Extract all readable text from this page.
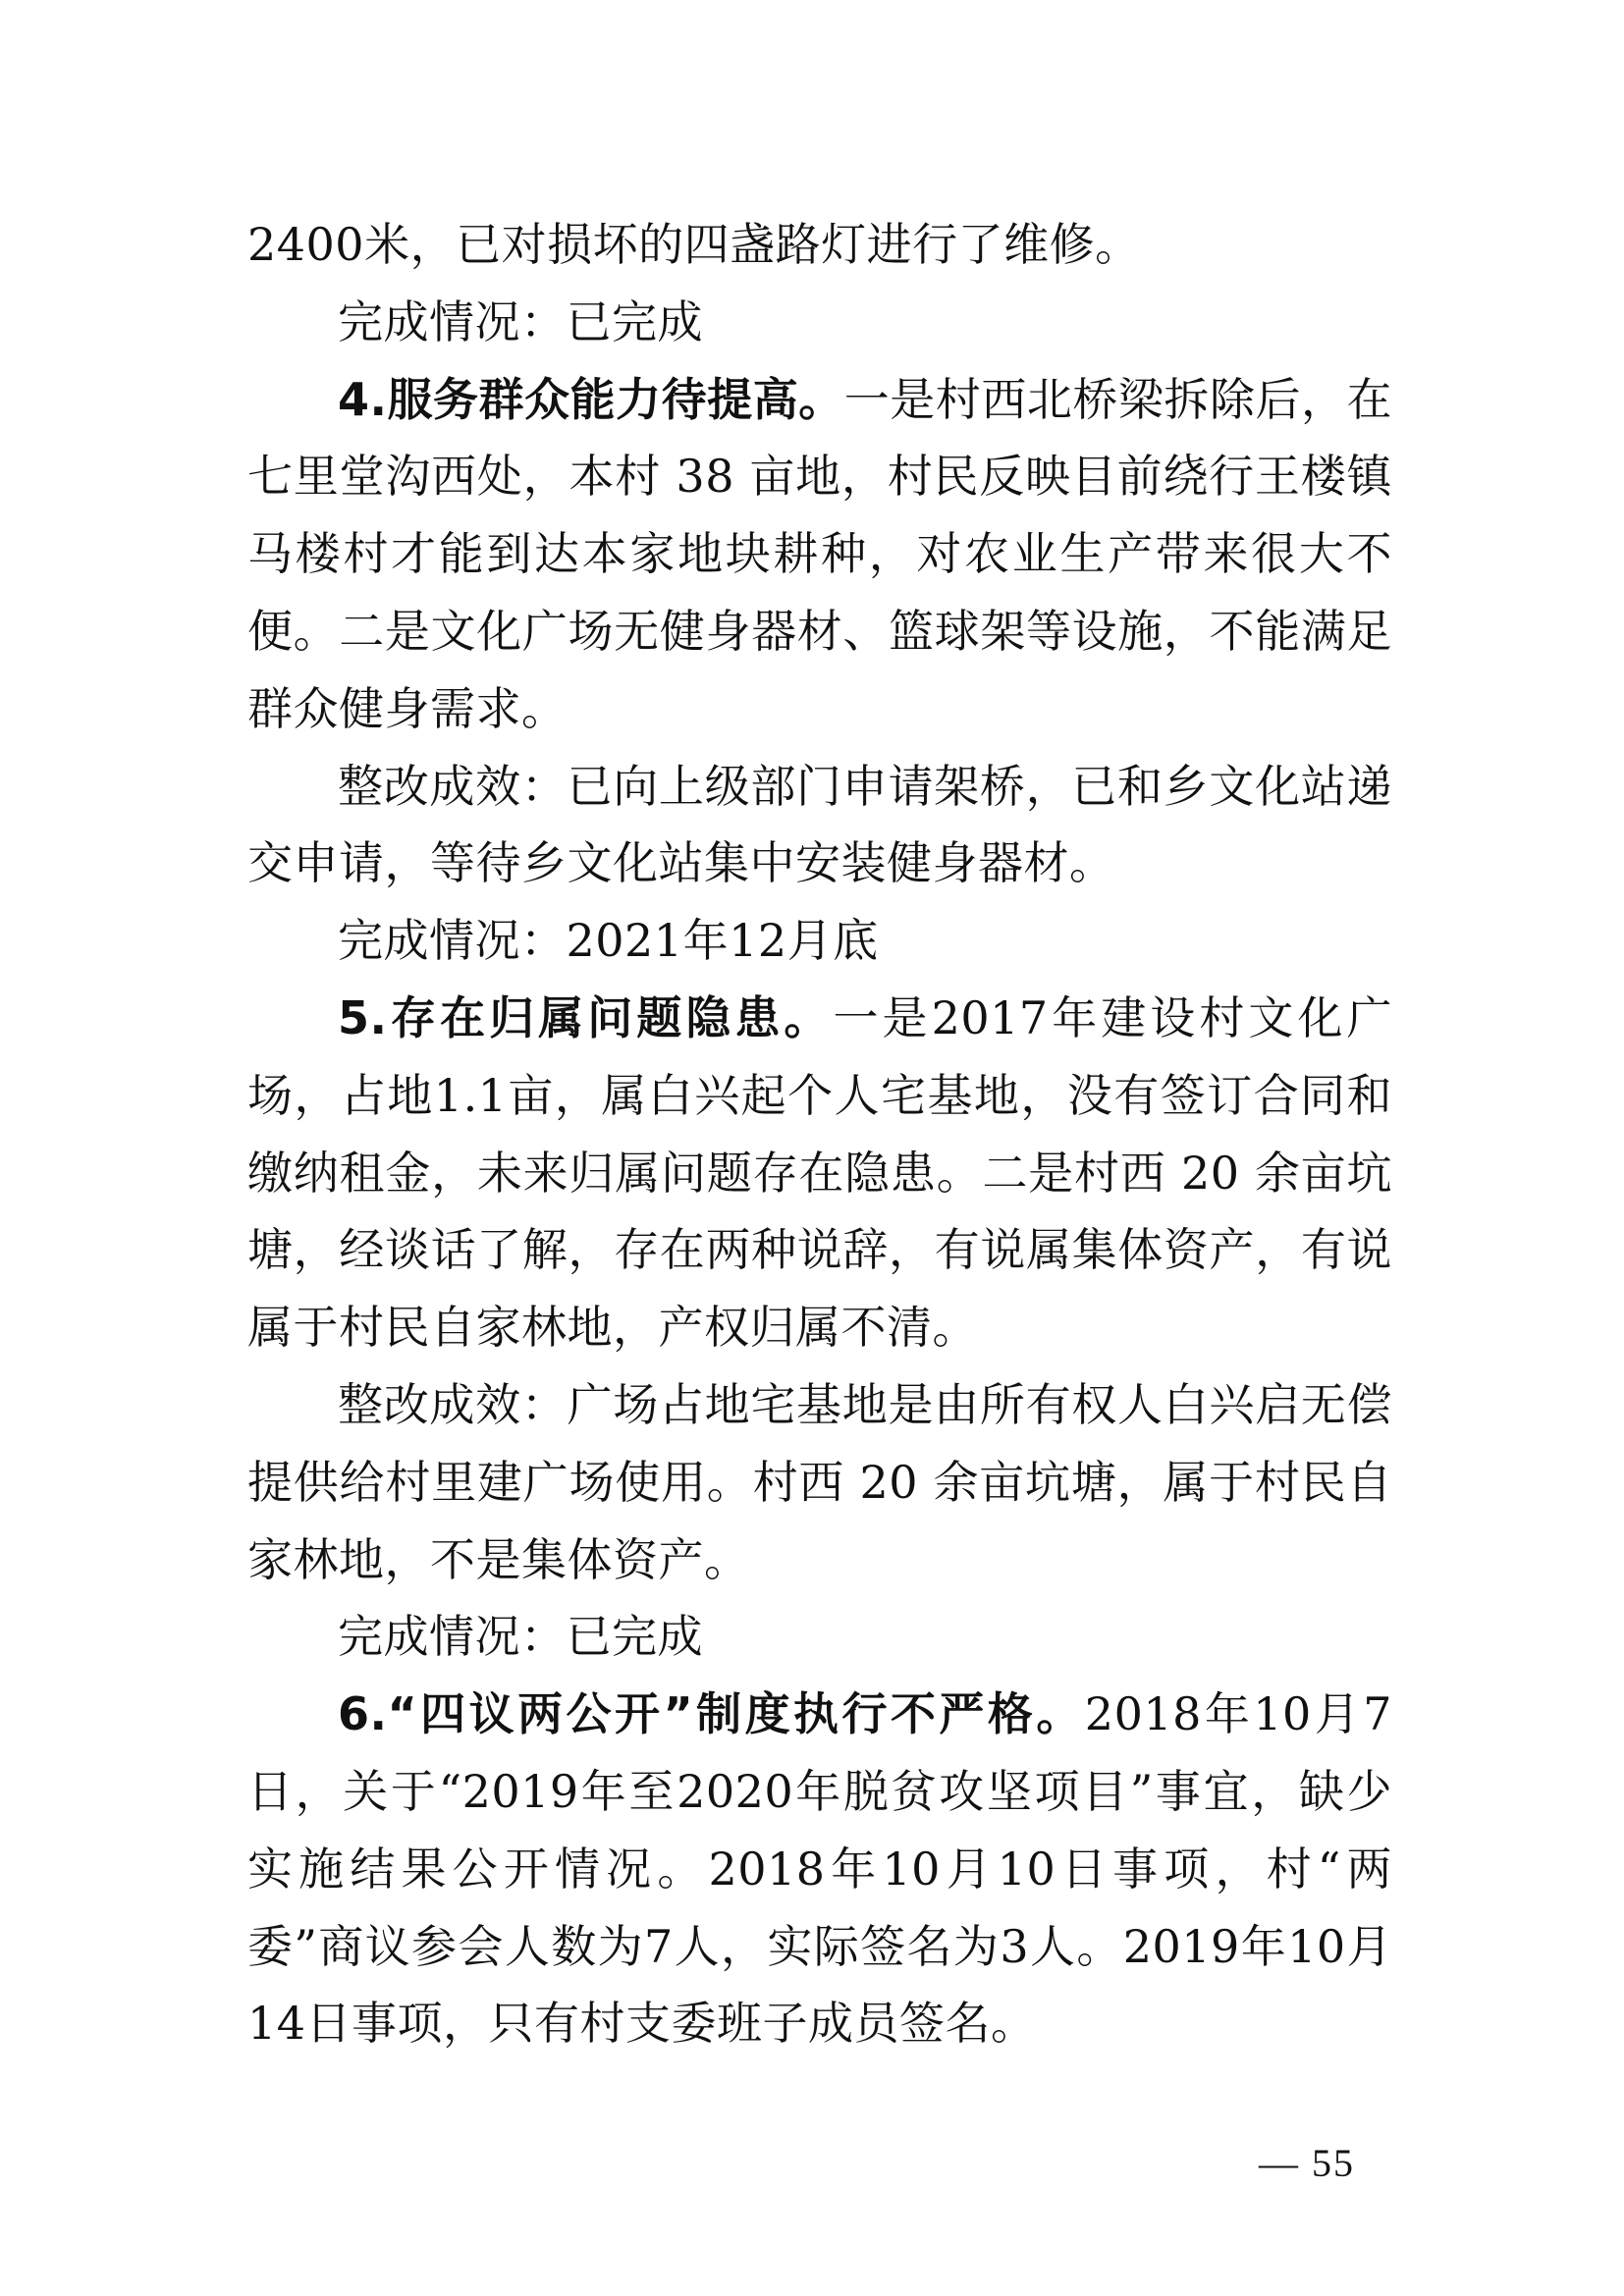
2400米，已对损坏的四盏路灯进行了维修。

完成情况：已完成

4.服务群众能力待提高。一是村西北桥梁拆除后，在七里堂沟西处，本村 38 亩地，村民反映目前绕行王楼镇马楼村才能到达本家地块耕种，对农业生产带来很大不便。二是文化广场无健身器材、篮球架等设施，不能满足群众健身需求。

整改成效：已向上级部门申请架桥，已和乡文化站递交申请，等待乡文化站集中安装健身器材。

完成情况：2021年12月底

5.存在归属问题隐患。一是2017年建设村文化广场，占地1.1亩，属白兴起个人宅基地，没有签订合同和缴纳租金，未来归属问题存在隐患。二是村西 20 余亩坑塘，经谈话了解，存在两种说辞，有说属集体资产，有说属于村民自家林地，产权归属不清。

整改成效：广场占地宅基地是由所有权人白兴启无偿提供给村里建广场使用。村西 20 余亩坑塘，属于村民自家林地，不是集体资产。

完成情况：已完成

6.“四议两公开”制度执行不严格。2018年10月7日，关于“2019年至2020年脱贫攻坚项目”事宜，缺少实施结果公开情况。2018年10月10日事项，村“两委”商议参会人数为7人，实际签名为3人。2019年10月14日事项，只有村支委班子成员签名。

— 55
